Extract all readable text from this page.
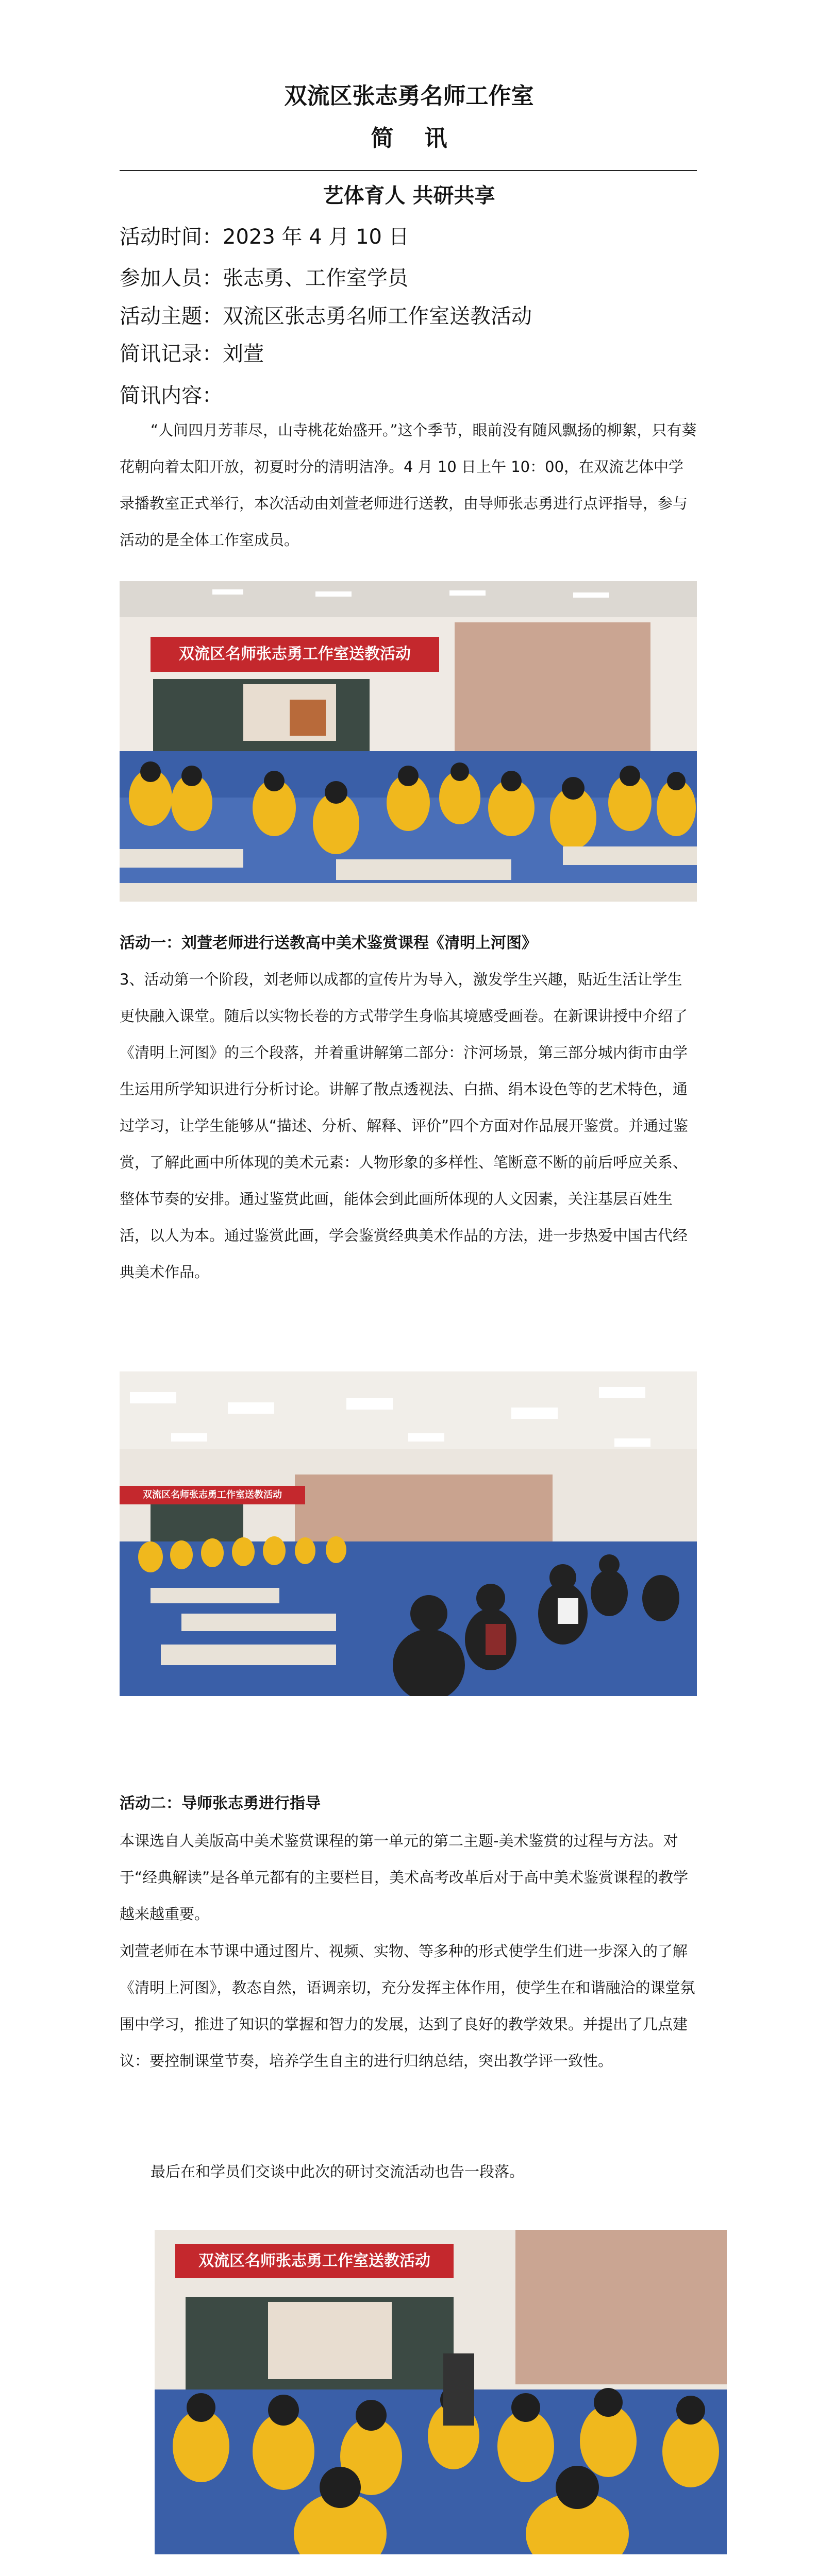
双流区张志勇名师工作室
简讯
艺体育人 共研共享
活动时间：2023 年 4 月 10 日
参加人员：张志勇、工作室学员
活动主题：双流区张志勇名师工作室送教活动
简讯记录：刘萱
简讯内容：

“人间四月芳菲尽，山寺桃花始盛开。”这个季节，眼前没有随风飘扬的柳絮，只有葵花朝向着太阳开放，初夏时分的清明洁净。4 月 10 日上午 10：00，在双流艺体中学录播教室正式举行，本次活动由刘萱老师进行送教，由导师张志勇进行点评指导，参与活动的是全体工作室成员。

双流区名师张志勇工作室送教活动
活动一：刘萱老师进行送教高中美术鉴赏课程《清明上河图》

3、活动第一个阶段，刘老师以成都的宣传片为导入，激发学生兴趣，贴近生活让学生更快融入课堂。随后以实物长卷的方式带学生身临其境感受画卷。在新课讲授中介绍了《清明上河图》的三个段落，并着重讲解第二部分：汴河场景，第三部分城内街市由学生运用所学知识进行分析讨论。讲解了散点透视法、白描、绢本设色等的艺术特色，通过学习，让学生能够从“描述、分析、解释、评价”四个方面对作品展开鉴赏。并通过鉴赏，了解此画中所体现的美术元素：人物形象的多样性、笔断意不断的前后呼应关系、整体节奏的安排。通过鉴赏此画，能体会到此画所体现的人文因素，关注基层百姓生活，以人为本。通过鉴赏此画，学会鉴赏经典美术作品的方法，进一步热爱中国古代经典美术作品。

双流区名师张志勇工作室送教活动
活动二：导师张志勇进行指导

本课选自人美版高中美术鉴赏课程的第一单元的第二主题-美术鉴赏的过程与方法。对于“经典解读”是各单元都有的主要栏目，美术高考改革后对于高中美术鉴赏课程的教学越来越重要。

刘萱老师在本节课中通过图片、视频、实物、等多种的形式使学生们进一步深入的了解《清明上河图》，教态自然，语调亲切，充分发挥主体作用，使学生在和谐融洽的课堂氛围中学习，推进了知识的掌握和智力的发展，达到了良好的教学效果。并提出了几点建议：要控制课堂节奏，培养学生自主的进行归纳总结，突出教学评一致性。

最后在和学员们交谈中此次的研讨交流活动也告一段落。

双流区名师张志勇工作室送教活动
